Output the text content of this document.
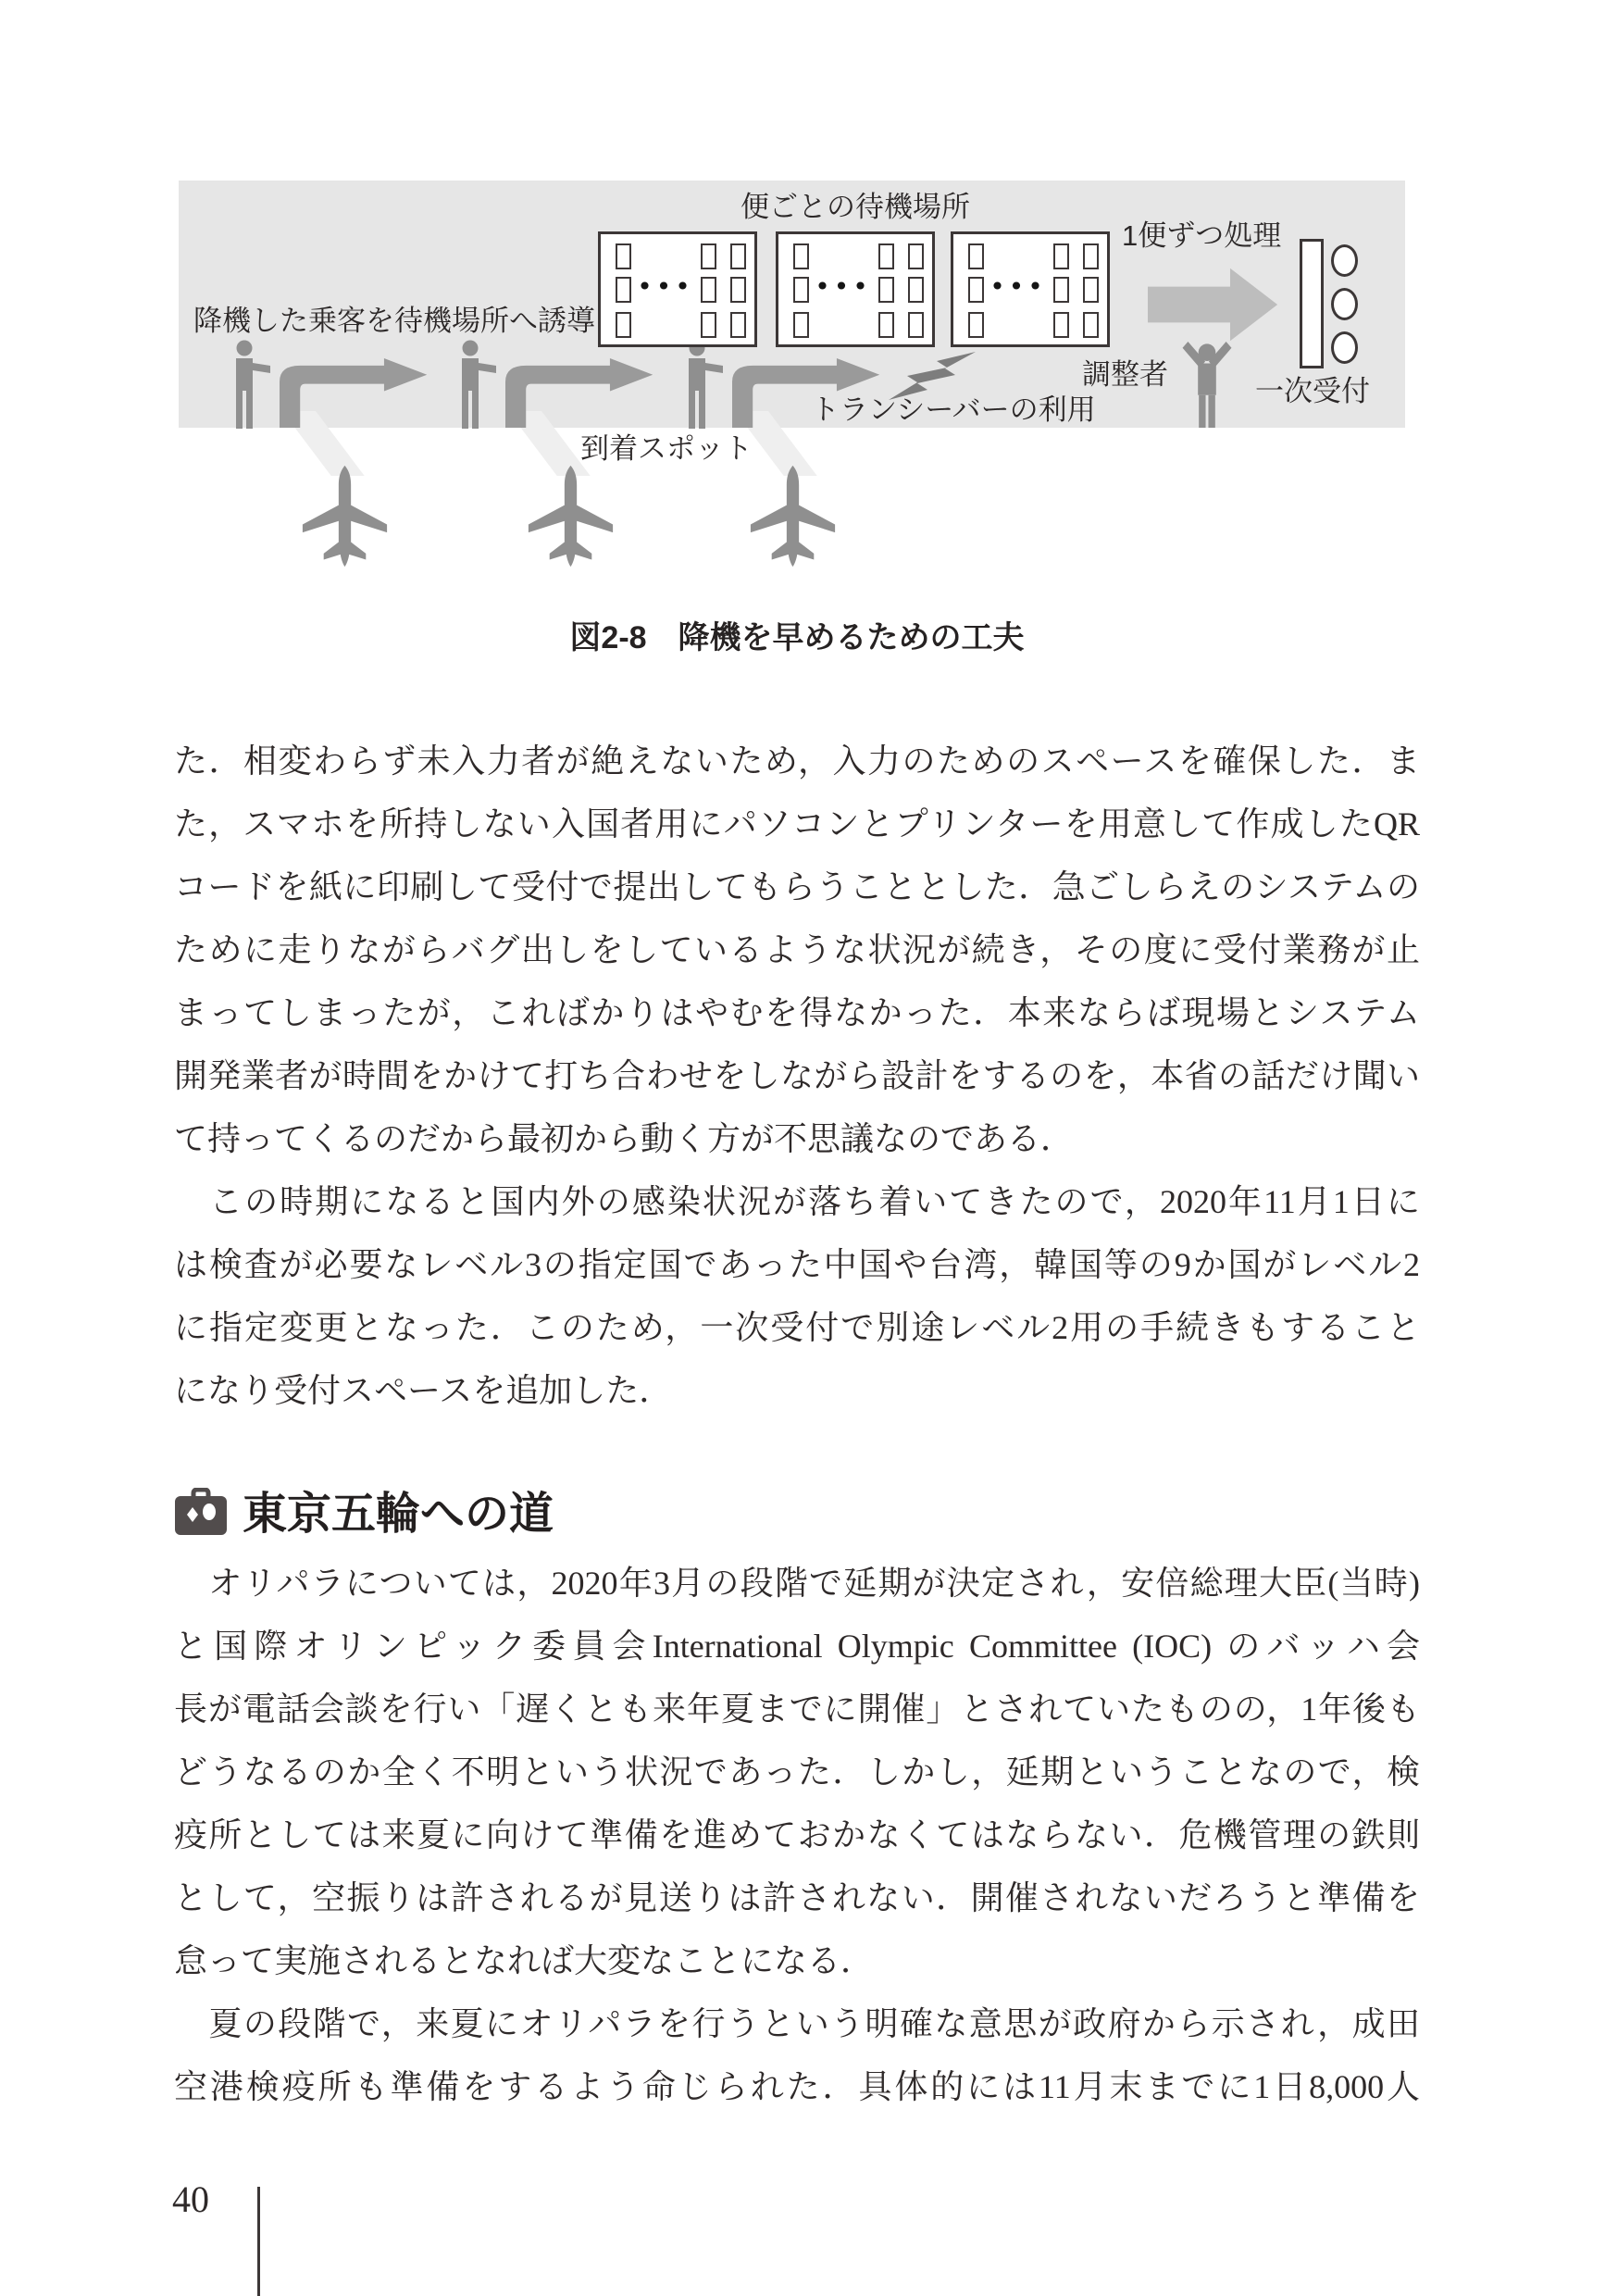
•••	•••	•••
降機した乗客を待機場所へ誘導
便ごとの待機場所
1便ずつ処理
調整者
トランシーバーの利用
一次受付
到着スポット
図2-8　降機を早めるための工夫
た．相変わらず未入力者が絶えないため，入力のためのスペースを確保した．ま
た，スマホを所持しない入国者用にパソコンとプリンターを用意して作成したQR
コードを紙に印刷して受付で提出してもらうこととした．急ごしらえのシステムの
ために走りながらバグ出しをしているような状況が続き，その度に受付業務が止
まってしまったが，こればかりはやむを得なかった．本来ならば現場とシステム
開発業者が時間をかけて打ち合わせをしながら設計をするのを，本省の話だけ聞い
て持ってくるのだから最初から動く方が不思議なのである．
　この時期になると国内外の感染状況が落ち着いてきたので，2020年11月1日に
は検査が必要なレベル3の指定国であった中国や台湾，韓国等の9か国がレベル2
に指定変更となった．このため，一次受付で別途レベル2用の手続きもすること
になり受付スペースを追加した．
東京五輪への道
　オリパラについては，2020年3月の段階で延期が決定され，安倍総理大臣(当時)
と国際オリンピック委員会International Olympic Committee (IOC) のバッハ会
長が電話会談を行い「遅くとも来年夏までに開催」とされていたものの，1年後も
どうなるのか全く不明という状況であった．しかし，延期ということなので，検
疫所としては来夏に向けて準備を進めておかなくてはならない．危機管理の鉄則
として，空振りは許されるが見送りは許されない．開催されないだろうと準備を
怠って実施されるとなれば大変なことになる．
　夏の段階で，来夏にオリパラを行うという明確な意思が政府から示され，成田
空港検疫所も準備をするよう命じられた．具体的には11月末までに1日8,000人
40
